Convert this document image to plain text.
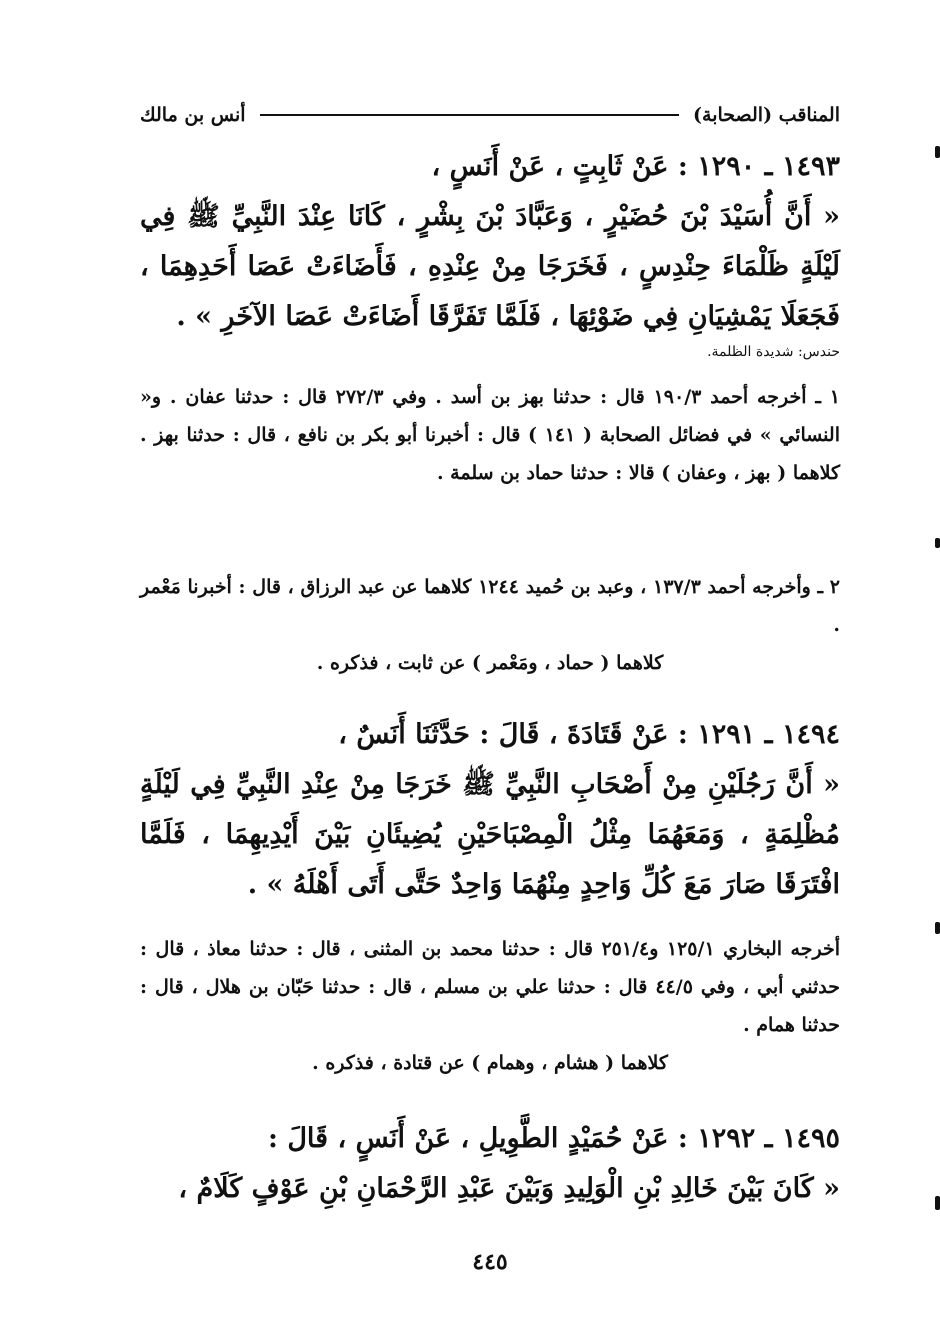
المناقب (الصحابة)
أنس بن مالك

١٤٩٣ ـ ١٢٩٠ : عَنْ ثَابِتٍ ، عَنْ أَنَسٍ ،

« أَنَّ أُسَيْدَ بْنَ حُضَيْرٍ ، وَعَبَّادَ بْنَ بِشْرٍ ، كَانَا عِنْدَ النَّبِيِّ ﷺ فِي لَيْلَةٍ ظَلْمَاءَ حِنْدِسٍ ، فَخَرَجَا مِنْ عِنْدِهِ ، فَأَضَاءَتْ عَصَا أَحَدِهِمَا ، فَجَعَلَا يَمْشِيَانِ فِي ضَوْئِهَا ، فَلَمَّا تَفَرَّقَا أَضَاءَتْ عَصَا الآخَرِ » .

حندس: شديدة الظلمة.

١ ـ أخرجه أحمد ١٩٠/٣ قال : حدثنا بهز بن أسد . وفي ٢٧٢/٣ قال : حدثنا عفان . و« النسائي » في فضائل الصحابة ( ١٤١ ) قال : أخبرنا أبو بكر بن نافع ، قال : حدثنا بهز . كلاهما ( بهز ، وعفان ) قالا : حدثنا حماد بن سلمة .

٢ ـ وأخرجه أحمد ١٣٧/٣ ، وعبد بن حُميد ١٢٤٤ كلاهما عن عبد الرزاق ، قال : أخبرنا مَعْمر .

كلاهما ( حماد ، ومَعْمر ) عن ثابت ، فذكره .

١٤٩٤ ـ ١٢٩١ : عَنْ قَتَادَةَ ، قَالَ : حَدَّثَنَا أَنَسٌ ،

« أَنَّ رَجُلَيْنِ مِنْ أَصْحَابِ النَّبِيِّ ﷺ خَرَجَا مِنْ عِنْدِ النَّبِيِّ فِي لَيْلَةٍ مُظْلِمَةٍ ، وَمَعَهُمَا مِثْلُ الْمِصْبَاحَيْنِ يُضِيئَانِ بَيْنَ أَيْدِيهِمَا ، فَلَمَّا افْتَرَقَا صَارَ مَعَ كُلِّ وَاحِدٍ مِنْهُمَا وَاحِدٌ حَتَّى أَتَى أَهْلَهُ » .

أخرجه البخاري ١٢٥/١ و٢٥١/٤ قال : حدثنا محمد بن المثنى ، قال : حدثنا معاذ ، قال : حدثني أبي ، وفي ٤٤/٥ قال : حدثنا علي بن مسلم ، قال : حدثنا حَبّان بن هلال ، قال : حدثنا همام .

كلاهما ( هشام ، وهمام ) عن قتادة ، فذكره .

١٤٩٥ ـ ١٢٩٢ : عَنْ حُمَيْدٍ الطَّوِيلِ ، عَنْ أَنَسٍ ، قَالَ :

« كَانَ بَيْنَ خَالِدِ بْنِ الْوَلِيدِ وَبَيْنَ عَبْدِ الرَّحْمَانِ بْنِ عَوْفٍ كَلَامٌ ،

٤٤٥
